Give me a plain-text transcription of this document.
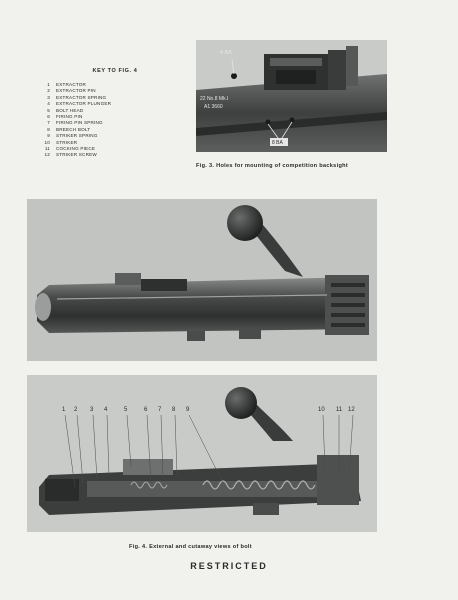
KEY TO FIG. 4
1 EXTRACTOR
2 EXTRACTOR PIN
3 EXTRACTOR SPRING
4 EXTRACTOR PLUNGER
5 BOLT HEAD
6 FIRING PIN
7 FIRING PIN SPRING
8 BREECH BOLT
9 STRIKER SPRING
10 STRIKER
11 COCKING PIECE
12 STRIKER SCREW
4 BA
22 No.8 Mk.I
A1 3660
8 BA
Fig. 3. Holes for mounting of competition backsight
1 2 3 4	5	6 7 8 9	10 11 12
Fig. 4. External and cutaway views of bolt
RESTRICTED
